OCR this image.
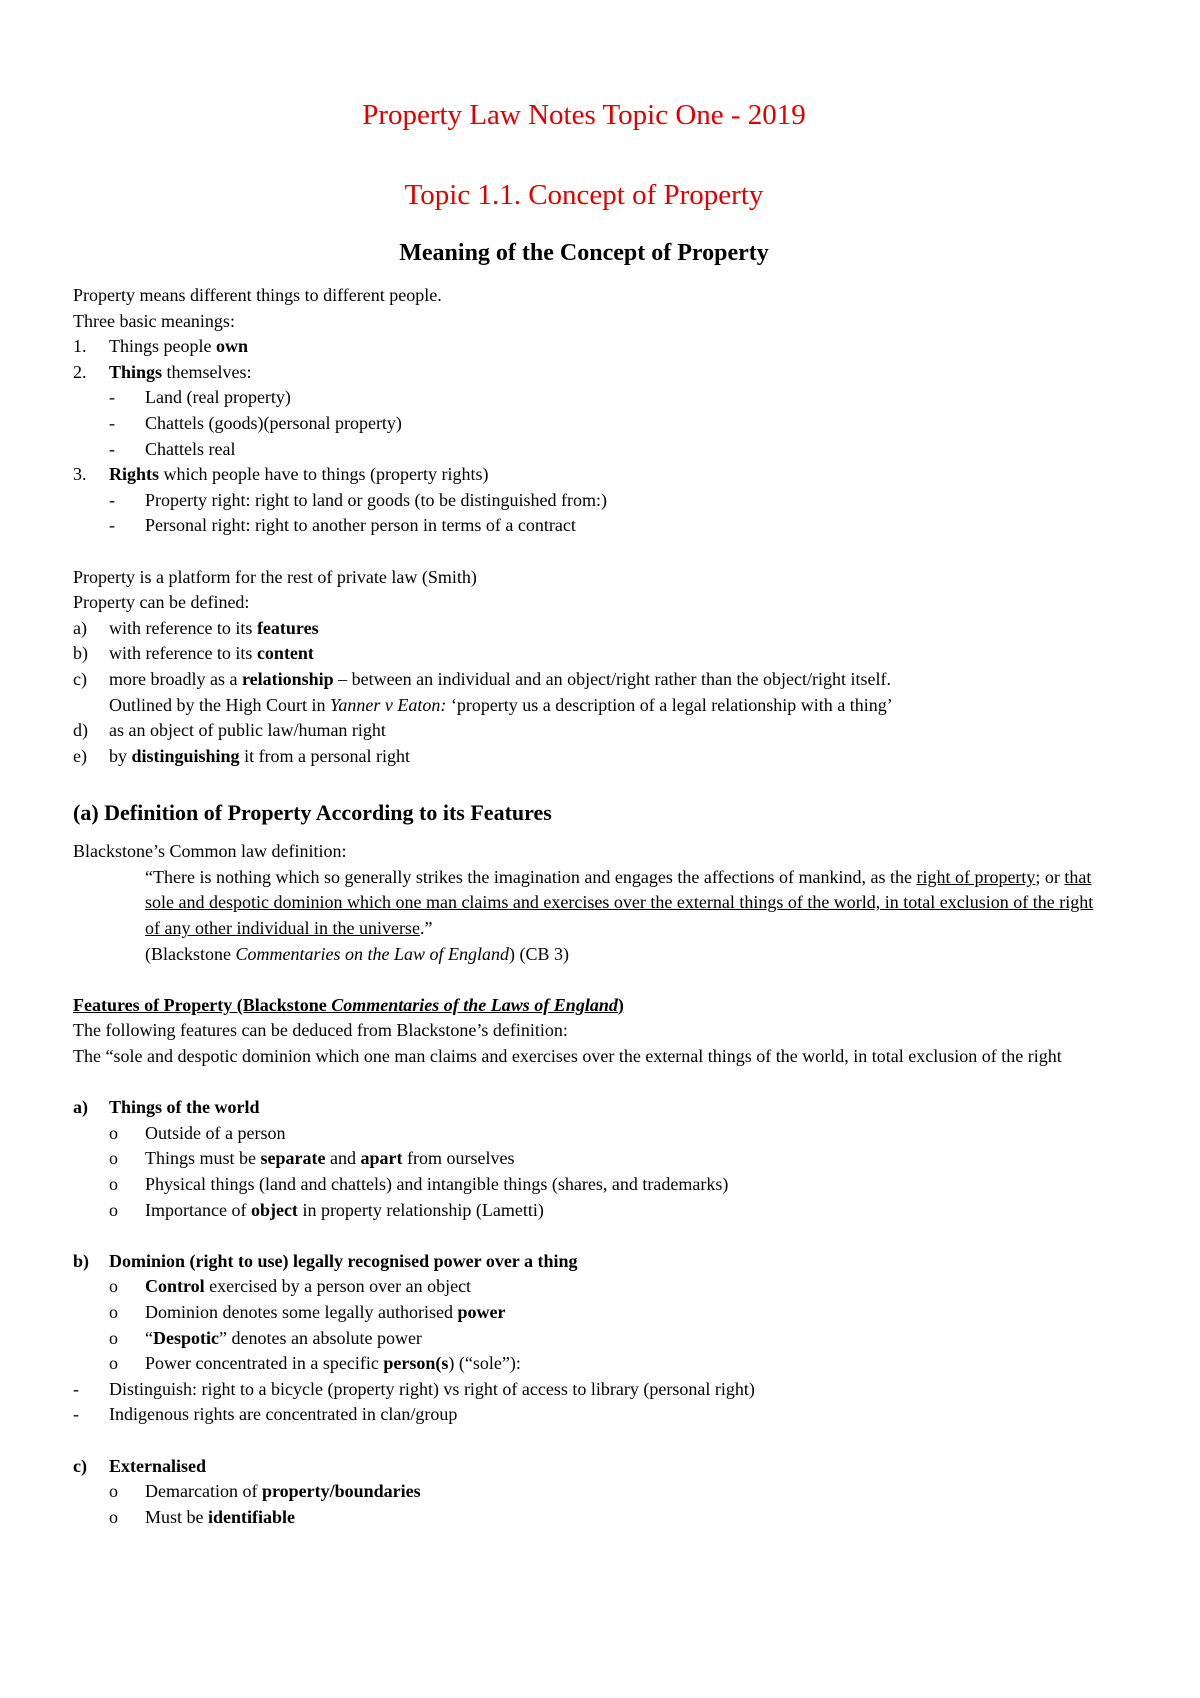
Property Law Notes Topic One - 2019
Topic 1.1. Concept of Property
Meaning of the Concept of Property

Property means different things to different people.

Three basic meanings:

1.	Things people own
2.	Things themselves:
-	Land (real property)
-	Chattels (goods)(personal property)
-	Chattels real
3.	Rights which people have to things (property rights)
-	Property right: right to land or goods (to be distinguished from:)
-	Personal right: right to another person in terms of a contract

Property is a platform for the rest of private law (Smith)

Property can be defined:

a)	with reference to its features
b)	with reference to its content
c)	more broadly as a relationship – between an individual and an object/right rather than the object/right itself.
Outlined by the High Court in Yanner v Eaton: ‘property us a description of a legal relationship with a thing’
d)	as an object of public law/human right
e)	by distinguishing it from a personal right
(a) Definition of Property According to its Features

Blackstone’s Common law definition:

“There is nothing which so generally strikes the imagination and engages the affections of mankind, as the right of property; or that sole and despotic dominion which one man claims and exercises over the external things of the world, in total exclusion of the right of any other individual in the universe.”
(Blackstone Commentaries on the Law of England) (CB 3)

Features of Property (Blackstone Commentaries of the Laws of England)

The following features can be deduced from Blackstone’s definition:

The “sole and despotic dominion which one man claims and exercises over the external things of the world, in total exclusion of the right

a)	Things of the world
o	Outside of a person
o	Things must be separate and apart from ourselves
o	Physical things (land and chattels) and intangible things (shares, and trademarks)
o	Importance of object in property relationship (Lametti)
b)	Dominion (right to use) legally recognised power over a thing
o	Control exercised by a person over an object
o	Dominion denotes some legally authorised power
o	“Despotic” denotes an absolute power
o	Power concentrated in a specific person(s) (“sole”):
-	Distinguish: right to a bicycle (property right) vs right of access to library (personal right)
-	Indigenous rights are concentrated in clan/group
c)	Externalised
o	Demarcation of property/boundaries
o	Must be identifiable
